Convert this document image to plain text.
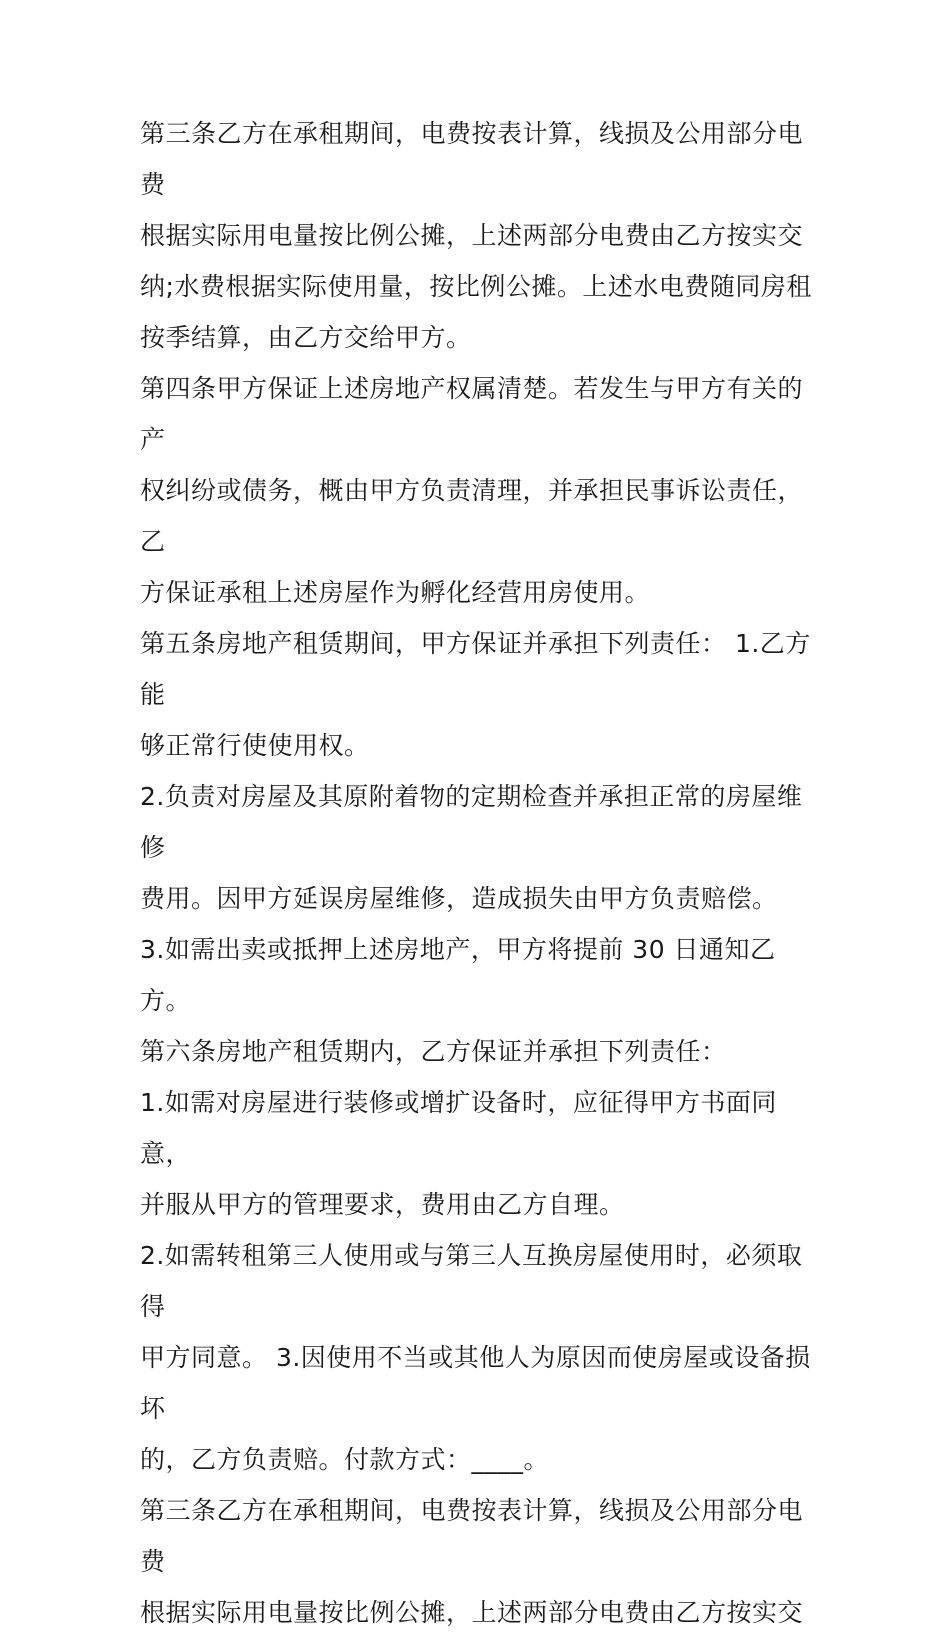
第三条乙方在承租期间，电费按表计算，线损及公用部分电费

根据实际用电量按比例公摊，上述两部分电费由乙方按实交

纳;水费根据实际使用量，按比例公摊。上述水电费随同房租

按季结算，由乙方交给甲方。

第四条甲方保证上述房地产权属清楚。若发生与甲方有关的产

权纠纷或债务，概由甲方负责清理，并承担民事诉讼责任，乙

方保证承租上述房屋作为孵化经营用房使用。

第五条房地产租赁期间，甲方保证并承担下列责任： 1.乙方能

够正常行使使用权。

2.负责对房屋及其原附着物的定期检查并承担正常的房屋维修

费用。因甲方延误房屋维修，造成损失由甲方负责赔偿。

3.如需出卖或抵押上述房地产，甲方将提前 30 日通知乙方。

第六条房地产租赁期内，乙方保证并承担下列责任：

1.如需对房屋进行装修或增扩设备时，应征得甲方书面同意，

并服从甲方的管理要求，费用由乙方自理。

2.如需转租第三人使用或与第三人互换房屋使用时，必须取得

甲方同意。 3.因使用不当或其他人为原因而使房屋或设备损坏

的，乙方负责赔。付款方式：____。

第三条乙方在承租期间，电费按表计算，线损及公用部分电费

根据实际用电量按比例公摊，上述两部分电费由乙方按实交
